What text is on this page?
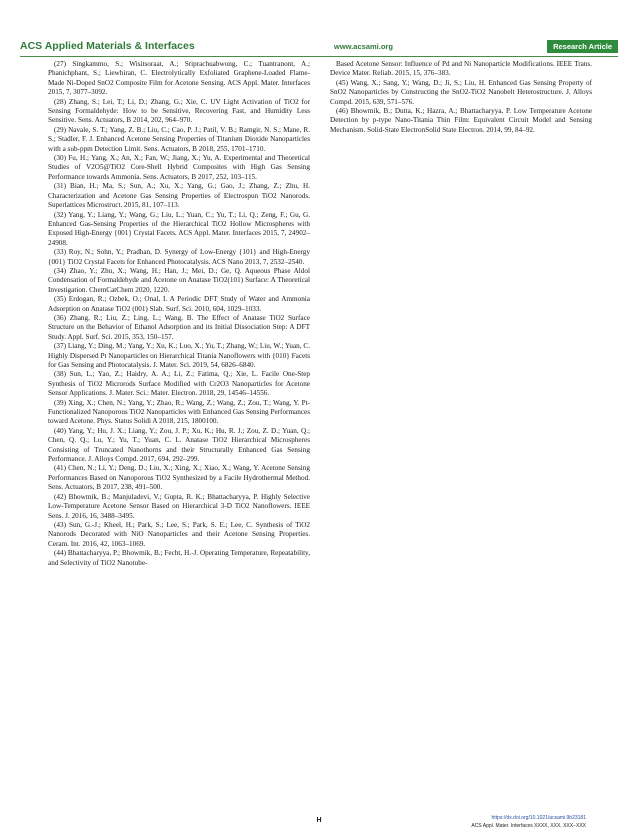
ACS Applied Materials & Interfaces	www.acsami.org	Research Article

(27) Singkammo, S.; Wisitsoraat, A.; Sriprachuabwong, C.; Tuantranont, A.; Phanichphant, S.; Liewhiran, C. Electrolytically Exfoliated Graphene-Loaded Flame-Made Ni-Doped SnO2 Composite Film for Acetone Sensing. ACS Appl. Mater. Interfaces 2015, 7, 3077–3092.

(28) Zhang, S.; Lei, T.; Li, D.; Zhang, G.; Xie, C. UV Light Activation of TiO2 for Sensing Formaldehyde: How to be Sensitive, Recovering Fast, and Humidity Less Sensitive. Sens. Actuators, B 2014, 202, 964–970.

(29) Navale, S. T.; Yang, Z. B.; Liu, C.; Cao, P. J.; Patil, V. B.; Ramgir, N. S.; Mane, R. S.; Stadler, F. J. Enhanced Acetone Sensing Properties of Titanium Dioxide Nanoparticles with a sub-ppm Detection Limit. Sens. Actuators, B 2018, 255, 1701–1710.

(30) Fu, H.; Yang, X.; An, X.; Fan, W.; Jiang, X.; Yu, A. Experimental and Theoretical Studies of V2O5@TiO2 Core-Shell Hybrid Composites with High Gas Sensing Performance towards Ammonia. Sens. Actuators, B 2017, 252, 103–115.

(31) Bian, H.; Ma, S.; Sun, A.; Xu, X.; Yang, G.; Gao, J.; Zhang, Z.; Zhu, H. Characterization and Acetone Gas Sensing Properties of Electrospun TiO2 Nanorods. Superlattices Microstruct. 2015, 81, 107–113.

(32) Yang, Y.; Liang, Y.; Wang, G.; Liu, L.; Yuan, C.; Yu, T.; Li, Q.; Zeng, F.; Gu, G. Enhanced Gas-Sensing Properties of the Hierarchical TiO2 Hollow Microspheres with Exposed High-Energy {001} Crystal Facets. ACS Appl. Mater. Interfaces 2015, 7, 24902–24908.

(33) Roy, N.; Sohn, Y.; Pradhan, D. Synergy of Low-Energy {101} and High-Energy {001} TiO2 Crystal Facets for Enhanced Photocatalysis. ACS Nano 2013, 7, 2532–2540.

(34) Zhao, Y.; Zhu, X.; Wang, H.; Han, J.; Mei, D.; Ge, Q. Aqueous Phase Aldol Condensation of Formaldehyde and Acetone on Anatase TiO2(101) Surface: A Theoretical Investigation. ChemCatChem 2020, 1220.

(35) Erdogan, R.; Ozbek, O.; Onal, I. A Periodic DFT Study of Water and Ammonia Adsorption on Anatase TiO2 (001) Slab. Surf. Sci. 2010, 604, 1029–1033.

(36) Zhang, R.; Liu, Z.; Ling, L.; Wang, B. The Effect of Anatase TiO2 Surface Structure on the Behavior of Ethanol Adsorption and its Initial Dissociation Step: A DFT Study. Appl. Surf. Sci. 2015, 353, 150–157.

(37) Liang, Y.; Ding, M.; Yang, Y.; Xu, K.; Luo, X.; Yu, T.; Zhang, W.; Liu, W.; Yuan, C. Highly Dispersed Pt Nanoparticles on Hierarchical Titania Nanoflowers with {010} Facets for Gas Sensing and Photocatalysis. J. Mater. Sci. 2019, 54, 6826–6840.

(38) Sun, L.; Yao, Z.; Haidry, A. A.; Li, Z.; Fatima, Q.; Xie, L. Facile One-Step Synthesis of TiO2 Microrods Surface Modified with Cr2O3 Nanoparticles for Acetone Sensor Applications. J. Mater. Sci.: Mater. Electron. 2018, 29, 14546–14556.

(39) Xing, X.; Chen, N.; Yang, Y.; Zhao, R.; Wang, Z.; Wang, Z.; Zou, T.; Wang, Y. Pt-Functionalized Nanoporous TiO2 Nanoparticles with Enhanced Gas Sensing Performances toward Acetone. Phys. Status Solidi A 2018, 215, 1800100.

(40) Yang, Y.; Hu, J. X.; Liang, Y.; Zou, J. P.; Xu, K.; Hu, R. J.; Zou, Z. D.; Yuan, Q.; Chen, Q. Q.; Lu, Y.; Yu, T.; Yuan, C. L. Anatase TiO2 Hierarchical Microspheres Consisting of Truncated Nanothorns and their Structurally Enhanced Gas Sensing Performance. J. Alloys Compd. 2017, 694, 292–299.

(41) Chen, N.; Li, Y.; Deng, D.; Liu, X.; Xing, X.; Xiao, X.; Wang, Y. Acetone Sensing Performances Based on Nanoporous TiO2 Synthesized by a Facile Hydrothermal Method. Sens. Actuators, B 2017, 238, 491–500.

(42) Bhowmik, B.; Manjuladevi, V.; Gupta, R. K.; Bhattacharyya, P. Highly Selective Low-Temperature Acetone Sensor Based on Hierarchical 3-D TiO2 Nanoflowers. IEEE Sens. J. 2016, 16, 3488–3495.

(43) Sun, G.-J.; Kheel, H.; Park, S.; Lee, S.; Park, S. E.; Lee, C. Synthesis of TiO2 Nanorods Decorated with NiO Nanoparticles and their Acetone Sensing Properties. Ceram. Int. 2016, 42, 1063–1069.

(44) Bhattacharyya, P.; Bhowmik, B.; Fecht, H.-J. Operating Temperature, Repeatability, and Selectivity of TiO2 Nanotube-

Based Acetone Sensor: Influence of Pd and Ni Nanoparticle Modifications. IEEE Trans. Device Mater. Reliab. 2015, 15, 376–383.

(45) Wang, X.; Sang, Y.; Wang, D.; Ji, S.; Liu, H. Enhanced Gas Sensing Property of SnO2 Nanoparticles by Constructing the SnO2-TiO2 Nanobelt Heterostructure. J. Alloys Compd. 2015, 639, 571–576.

(46) Bhowmik, B.; Dutta, K.; Hazra, A.; Bhattacharyya, P. Low Temperature Acetone Detection by p-type Nano-Titania Thin Film: Equivalent Circuit Model and Sensing Mechanism. Solid-State ElectronSolid State Electron. 2014, 99, 84–92.

H	https://dx.doi.org/10.1021/acsami.9b23181
ACS Appl. Mater. Interfaces XXXX, XXX, XXX−XXX
